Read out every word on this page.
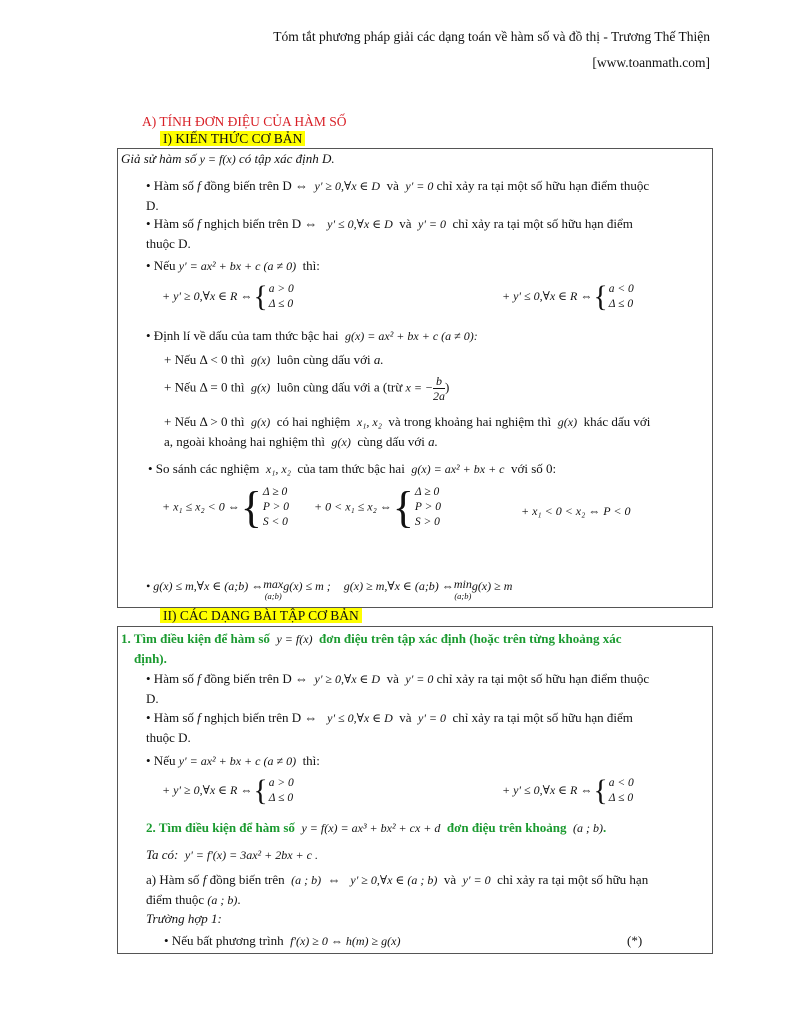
Tóm tắt phương pháp giải các dạng toán về hàm số và đồ thị - Trương Thế Thiện
[www.toanmath.com]
A) TÍNH ĐƠN ĐIỆU CỦA HÀM SỐ
I) KIẾN THỨC CƠ BẢN
Giả sử hàm số y = f(x) có tập xác định D.
• Hàm số f đồng biến trên D ⇔ y' ≥ 0,∀x ∈ D và y' = 0 chỉ xảy ra tại một số hữu hạn điểm thuộc
D.
• Hàm số f nghịch biến trên D ⇔ y' ≤ 0,∀x ∈ D và y' = 0 chỉ xảy ra tại một số hữu hạn điểm
thuộc D.
• Nếu y' = ax² + bx + c (a ≠ 0) thì:
+ y' ≥ 0,∀x ∈ R ⇔{a > 0
Δ ≤ 0
+ y' ≤ 0,∀x ∈ R ⇔{a < 0
Δ ≤ 0
• Định lí về dấu của tam thức bậc hai g(x) = ax² + bx + c (a ≠ 0):
+ Nếu Δ < 0 thì g(x) luôn cùng dấu với a.
+ Nếu Δ = 0 thì g(x) luôn cùng dấu với a (trừ x = − $\frac{b}{2a}$ )
+ Nếu Δ > 0 thì g(x) có hai nghiệm x₁, x₂ và trong khoảng hai nghiệm thì g(x) khác dấu với
a, ngoài khoảng hai nghiệm thì g(x) cùng dấu với a.
• So sánh các nghiệm x₁, x₂ của tam thức bậc hai g(x) = ax² + bx + c với số 0:
+ x₁ ≤ x₂ < 0 ⇔{Δ ≥ 0
P > 0
S < 0
+ 0 < x₁ ≤ x₂ ⇔{Δ ≥ 0
P > 0
S > 0
+ x₁ < 0 < x₂ ⇔ P < 0
• g(x) ≤ m,∀x ∈ (a;b) ⇔max
(a;b)
g(x) ≤ m ; g(x) ≥ m,∀x ∈ (a;b) ⇔min
(a;b)
g(x) ≥ m
II) CÁC DẠNG BÀI TẬP CƠ BẢN
1. Tìm điều kiện để hàm số y = f(x) đơn điệu trên tập xác định (hoặc trên từng khoảng xác
định).
• Hàm số f đồng biến trên D ⇔ y' ≥ 0,∀x ∈ D và y' = 0 chỉ xảy ra tại một số hữu hạn điểm thuộc
D.
• Hàm số f nghịch biến trên D ⇔ y' ≤ 0,∀x ∈ D và y' = 0 chỉ xảy ra tại một số hữu hạn điểm
thuộc D.
• Nếu y' = ax² + bx + c (a ≠ 0) thì:
+ y' ≥ 0,∀x ∈ R ⇔{a > 0
Δ ≤ 0
+ y' ≤ 0,∀x ∈ R ⇔{a < 0
Δ ≤ 0
2. Tìm điều kiện để hàm số y = f(x) = ax³ + bx² + cx + d đơn điệu trên khoảng (a ; b).
Ta có: y' = f'(x) = 3ax² + 2bx + c .
a) Hàm số f đồng biến trên (a ; b) ⇔ y' ≥ 0,∀x ∈ (a ; b) và y' = 0 chỉ xảy ra tại một số hữu hạn
điểm thuộc (a ; b).
Trường hợp 1:
• Nếu bất phương trình f'(x) ≥ 0 ⇔ h(m) ≥ g(x)	(*)
